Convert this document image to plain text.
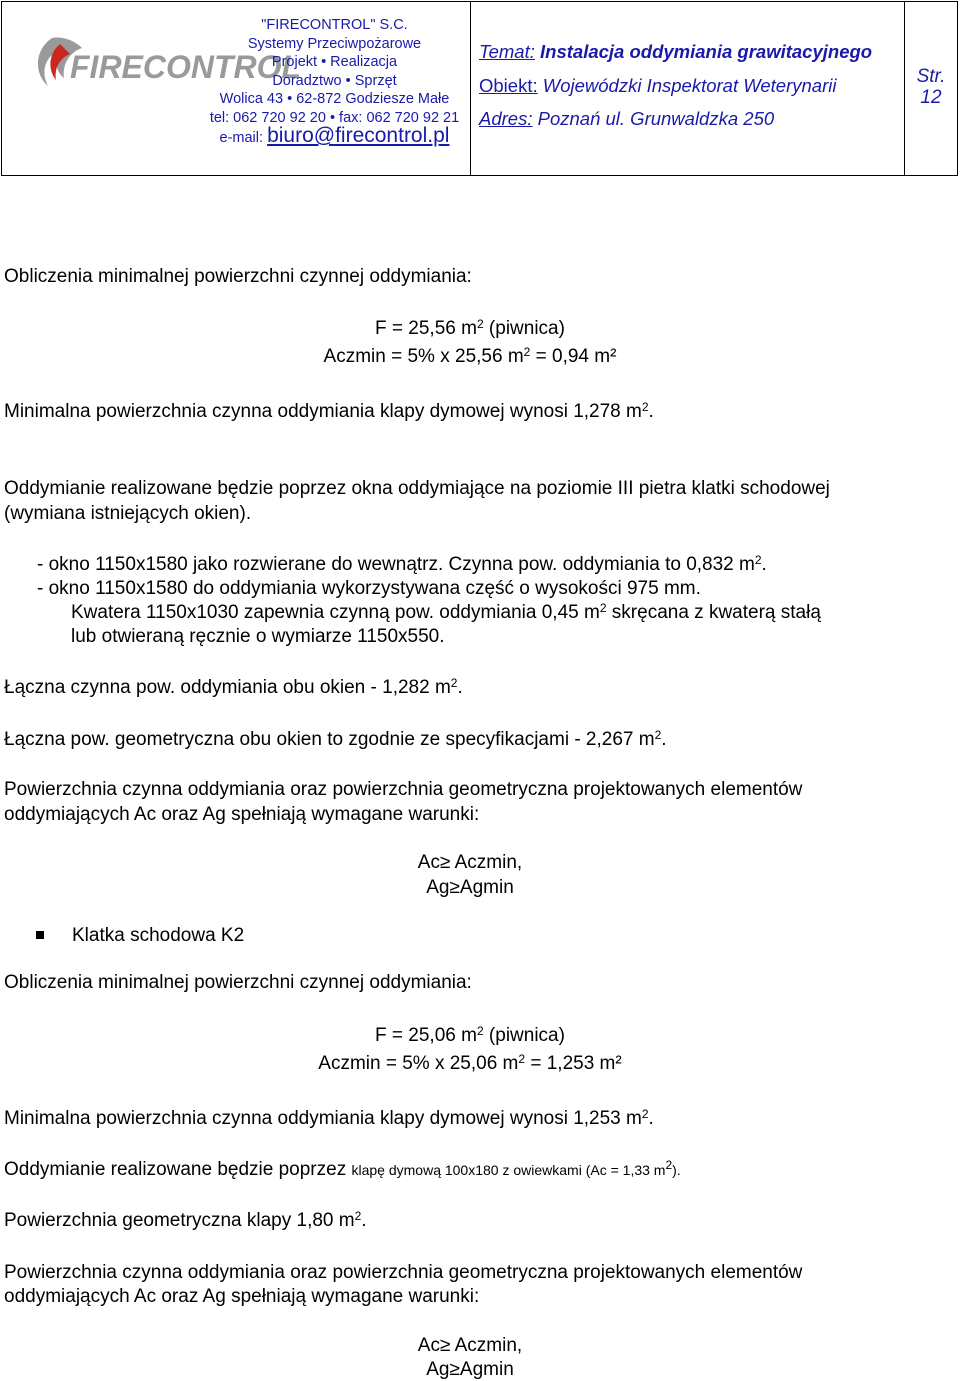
FIRECONTROL
"FIRECONTROL" S.C.
Systemy Przeciwpożarowe
Projekt • Realizacja
Doradztwo • Sprzęt
Wolica 43 • 62-872 Godziesze Małe
tel: 062 720 92 20 • fax: 062 720 92 21
e-mail: biuro@firecontrol.pl
Temat: Instalacja oddymiania grawitacyjnego
Obiekt: Wojewódzki Inspektorat Weterynarii
Adres: Poznań ul. Grunwaldzka 250
Str.
12
Obliczenia minimalnej powierzchni czynnej oddymiania:
F = 25,56 $m^2$ (piwnica)
Aczmin = 5% x 25,56 $m^2 = 0,94$ m²
Minimalna powierzchnia czynna oddymiania klapy dymowej wynosi 1,278 $m^2$.
Oddymianie realizowane będzie poprzez okna oddymiające na poziomie III pietra klatki schodowej
(wymiana istniejących okien).
- okno 1150x1580 jako rozwierane do wewnątrz. Czynna pow. oddymiania to 0,832 $m^2$.
- okno 1150x1580 do oddymiania wykorzystywana część o wysokości 975 mm.
Kwatera 1150x1030 zapewnia czynną pow. oddymiania 0,45 $m^2$ skręcana z kwaterą stałą
lub otwieraną ręcznie o wymiarze 1150x550.
Łączna czynna pow. oddymiania obu okien - 1,282 $m^2$.
Łączna pow. geometryczna obu okien to zgodnie ze specyfikacjami - 2,267 $m^2$.
Powierzchnia czynna oddymiania oraz powierzchnia geometryczna projektowanych elementów
oddymiających Ac oraz Ag spełniają wymagane warunki:
Ac≥ Aczmin,
Ag≥Agmin
Klatka schodowa K2
Obliczenia minimalnej powierzchni czynnej oddymiania:
F = 25,06 $m^2$ (piwnica)
Aczmin = 5% x 25,06 $m^2 = 1,253$ m²
Minimalna powierzchnia czynna oddymiania klapy dymowej wynosi 1,253 $m^2$.
Oddymianie realizowane będzie poprzez klapę dymową 100x180 z owiewkami (Ac = 1,33 $m^2$).
Powierzchnia geometryczna klapy 1,80 $m^2$.
Powierzchnia czynna oddymiania oraz powierzchnia geometryczna projektowanych elementów
oddymiających Ac oraz Ag spełniają wymagane warunki:
Ac≥ Aczmin,
Ag≥Agmin
